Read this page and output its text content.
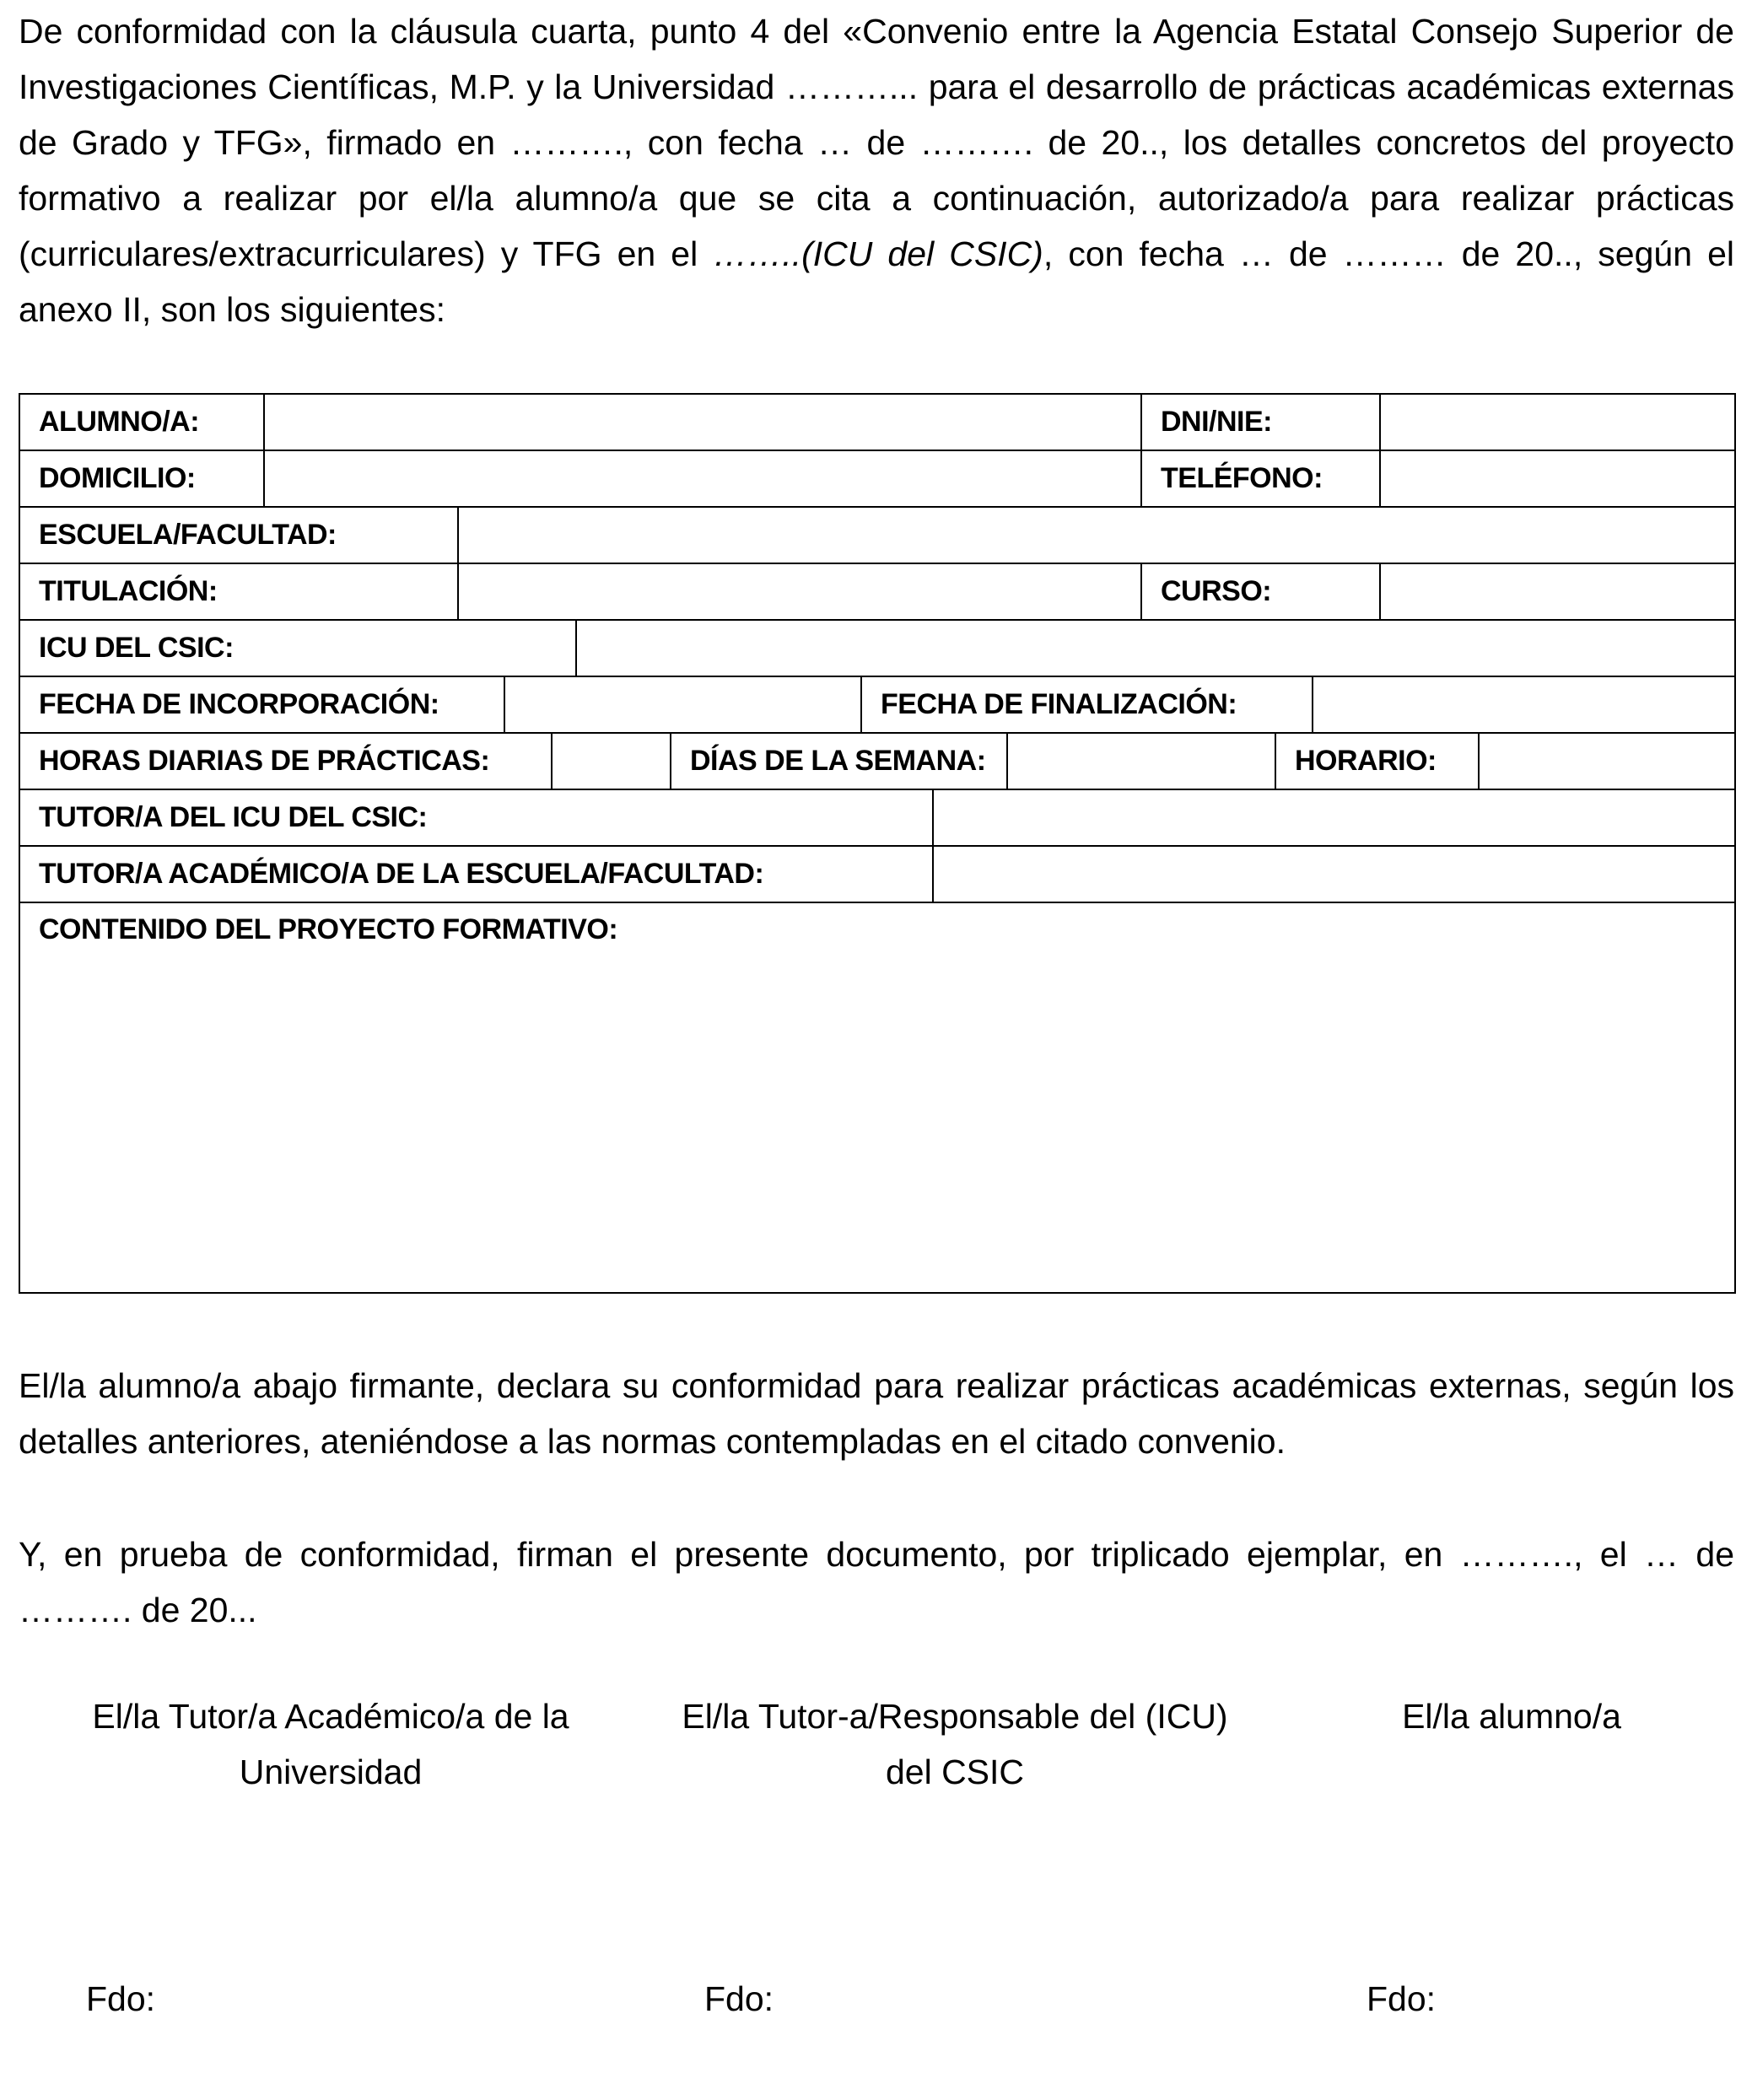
De conformidad con la cláusula cuarta, punto 4 del «Convenio entre la Agencia Estatal Consejo Superior de Investigaciones Científicas, M.P. y la Universidad ………... para el desarrollo de prácticas académicas externas de Grado y TFG», firmado en ………., con fecha … de ………. de 20.., los detalles concretos del proyecto formativo a realizar por el/la alumno/a que se cita a continuación, autorizado/a para realizar prácticas (curriculares/extracurriculares) y TFG en el ……..(ICU del CSIC), con fecha … de ……… de 20.., según el anexo II, son los siguientes:

ALUMNO/A:		DNI/NIE:	

DOMICILIO:		TELÉFONO:	

ESCUELA/FACULTAD:	

TITULACIÓN:		CURSO:	

ICU DEL CSIC:	

FECHA DE INCORPORACIÓN:		FECHA DE FINALIZACIÓN:	

HORAS DIARIAS DE PRÁCTICAS:		DÍAS DE LA SEMANA:		HORARIO:	

TUTOR/A DEL ICU DEL CSIC:	

TUTOR/A ACADÉMICO/A DE LA ESCUELA/FACULTAD:	

CONTENIDO DEL PROYECTO FORMATIVO:

El/la alumno/a abajo firmante, declara su conformidad para realizar prácticas académicas externas, según los detalles anteriores, ateniéndose a las normas contempladas en el citado convenio.

Y, en prueba de conformidad, firman el presente documento, por triplicado ejemplar, en ………., el … de ………. de 20...

El/la Tutor/a Académico/a de la
Universidad
El/la Tutor-a/Responsable del (ICU)
del CSIC
El/la alumno/a
Fdo:	Fdo:	Fdo:
